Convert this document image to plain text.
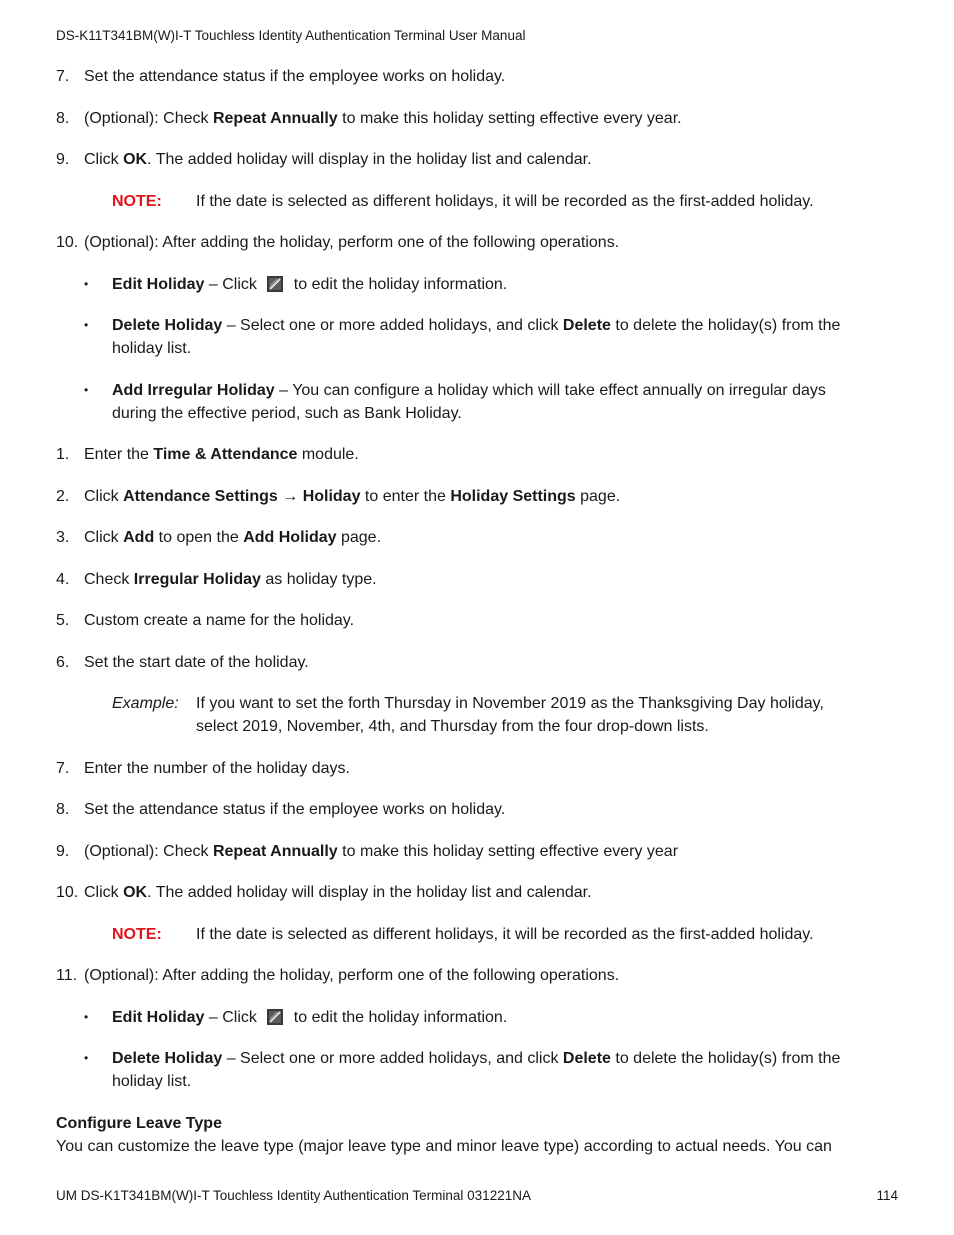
DS-K11T341BM(W)I-T Touchless Identity Authentication Terminal User Manual
7. Set the attendance status if the employee works on holiday.
8. (Optional): Check Repeat Annually to make this holiday setting effective every year.
9. Click OK. The added holiday will display in the holiday list and calendar.
NOTE: If the date is selected as different holidays, it will be recorded as the first-added holiday.
10. (Optional): After adding the holiday, perform one of the following operations.
• Edit Holiday – Click  to edit the holiday information.
• Delete Holiday – Select one or more added holidays, and click Delete to delete the holiday(s) from the
holiday list.
• Add Irregular Holiday – You can configure a holiday which will take effect annually on irregular days
during the effective period, such as Bank Holiday.
1. Enter the Time & Attendance module.
2. Click Attendance Settings → Holiday to enter the Holiday Settings page.
3. Click Add to open the Add Holiday page.
4. Check Irregular Holiday as holiday type.
5. Custom create a name for the holiday.
6. Set the start date of the holiday.
Example: If you want to set the forth Thursday in November 2019 as the Thanksgiving Day holiday,
select 2019, November, 4th, and Thursday from the four drop-down lists.
7. Enter the number of the holiday days.
8. Set the attendance status if the employee works on holiday.
9. (Optional): Check Repeat Annually to make this holiday setting effective every year
10. Click OK. The added holiday will display in the holiday list and calendar.
NOTE: If the date is selected as different holidays, it will be recorded as the first-added holiday.
11. (Optional): After adding the holiday, perform one of the following operations.
• Edit Holiday – Click  to edit the holiday information.
• Delete Holiday – Select one or more added holidays, and click Delete to delete the holiday(s) from the
holiday list.
Configure Leave Type
You can customize the leave type (major leave type and minor leave type) according to actual needs. You can
UM DS-K1T341BM(W)I-T Touchless Identity Authentication Terminal 031221NA	114
